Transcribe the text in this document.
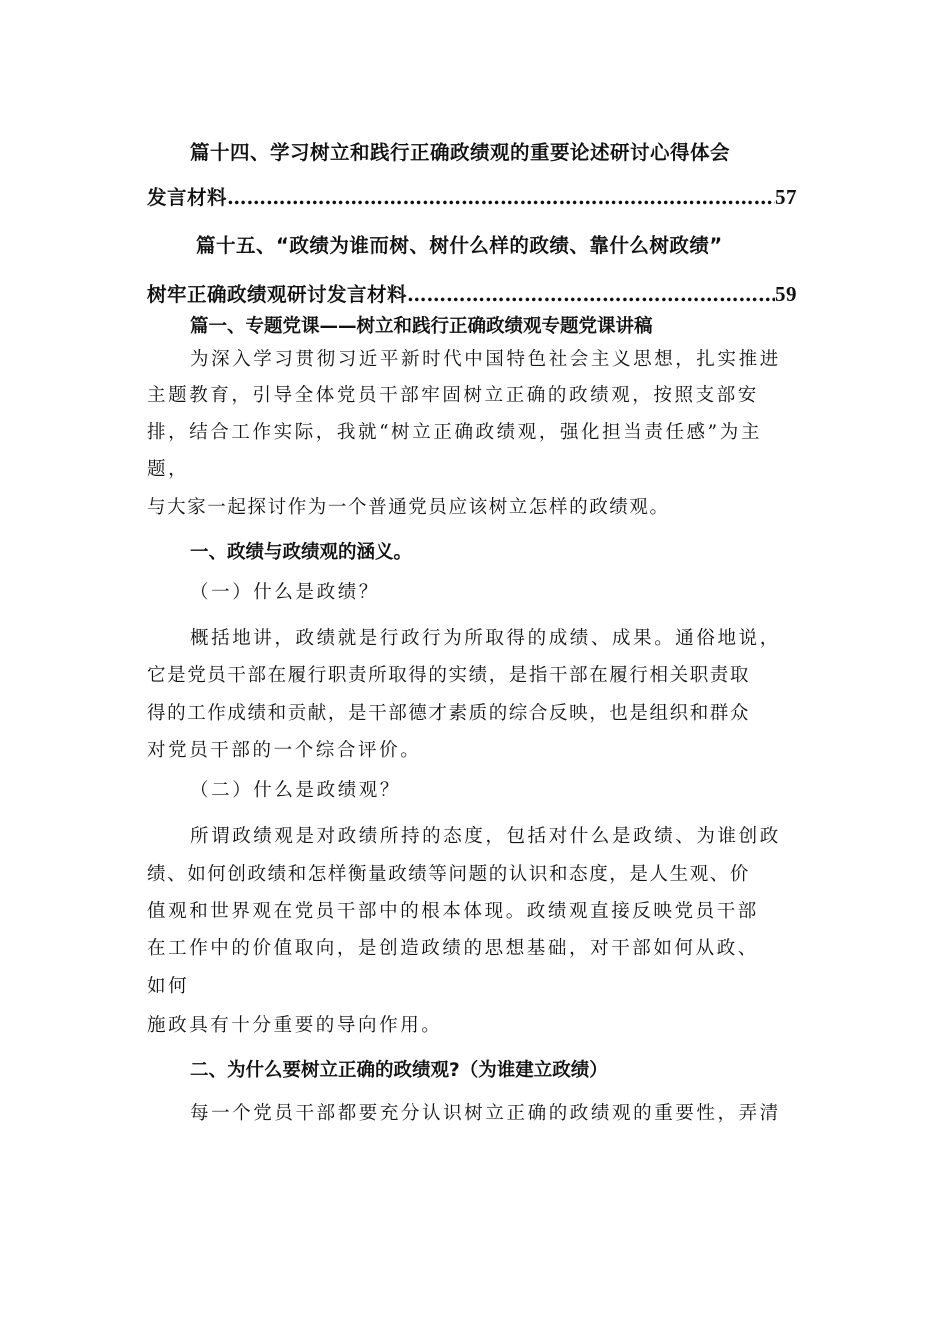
篇十四、学习树立和践行正确政绩观的重要论述研讨心得体会
发言材料 ………………………………………………………………………………………………………………	57
篇十五、“政绩为谁而树、树什么样的政绩、靠什么树政绩”
树牢正确政绩观研讨发言材料 ………………………………………………………………………………………………………………	59
篇一、专题党课——树立和践行正确政绩观专题党课讲稿
为深入学习贯彻习近平新时代中国特色社会主义思想，扎实推进
主题教育，引导全体党员干部牢固树立正确的政绩观，按照支部安
排，结合工作实际，我就“树立正确政绩观，强化担当责任感”为主
题，
与大家一起探讨作为一个普通党员应该树立怎样的政绩观。
一、政绩与政绩观的涵义。
（一）什么是政绩？
概括地讲，政绩就是行政行为所取得的成绩、成果。通俗地说，
它是党员干部在履行职责所取得的实绩，是指干部在履行相关职责取
得的工作成绩和贡献，是干部德才素质的综合反映，也是组织和群众
对党员干部的一个综合评价。
（二）什么是政绩观？
所谓政绩观是对政绩所持的态度，包括对什么是政绩、为谁创政
绩、如何创政绩和怎样衡量政绩等问题的认识和态度，是人生观、价
值观和世界观在党员干部中的根本体现。政绩观直接反映党员干部
在工作中的价值取向，是创造政绩的思想基础，对干部如何从政、
如何
施政具有十分重要的导向作用。
二、为什么要树立正确的政绩观?（为谁建立政绩）
每一个党员干部都要充分认识树立正确的政绩观的重要性，弄清
